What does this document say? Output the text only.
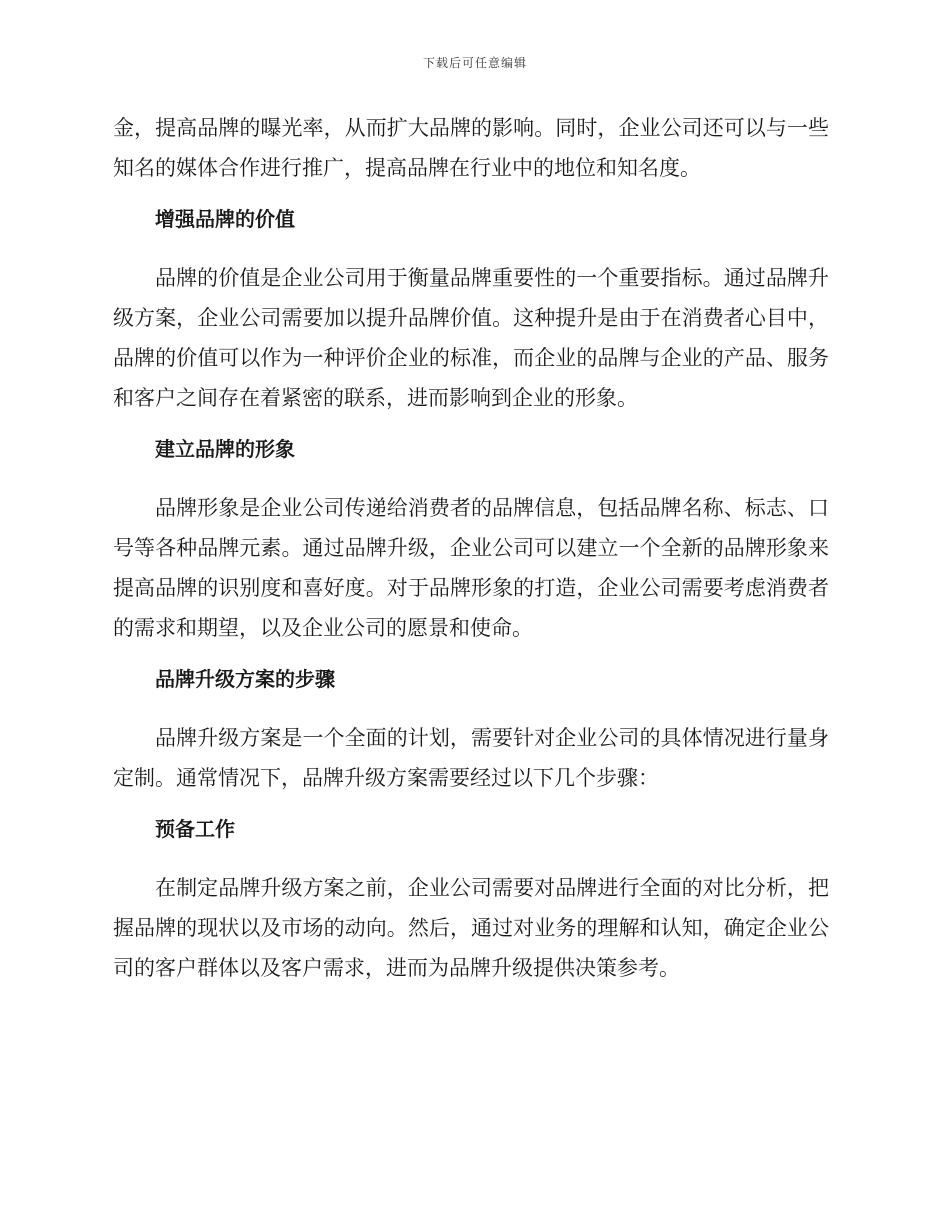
下载后可任意编辑

金，提高品牌的曝光率，从而扩大品牌的影响。同时，企业公司还可以与一些知名的媒体合作进行推广，提高品牌在行业中的地位和知名度。

增强品牌的价值

品牌的价值是企业公司用于衡量品牌重要性的一个重要指标。通过品牌升级方案，企业公司需要加以提升品牌价值。这种提升是由于在消费者心目中，品牌的价值可以作为一种评价企业的标准，而企业的品牌与企业的产品、服务和客户之间存在着紧密的联系，进而影响到企业的形象。

建立品牌的形象

品牌形象是企业公司传递给消费者的品牌信息，包括品牌名称、标志、口号等各种品牌元素。通过品牌升级，企业公司可以建立一个全新的品牌形象来提高品牌的识别度和喜好度。对于品牌形象的打造，企业公司需要考虑消费者的需求和期望，以及企业公司的愿景和使命。

品牌升级方案的步骤

品牌升级方案是一个全面的计划，需要针对企业公司的具体情况进行量身定制。通常情况下，品牌升级方案需要经过以下几个步骤：

预备工作

在制定品牌升级方案之前，企业公司需要对品牌进行全面的对比分析，把握品牌的现状以及市场的动向。然后，通过对业务的理解和认知，确定企业公司的客户群体以及客户需求，进而为品牌升级提供决策参考。
